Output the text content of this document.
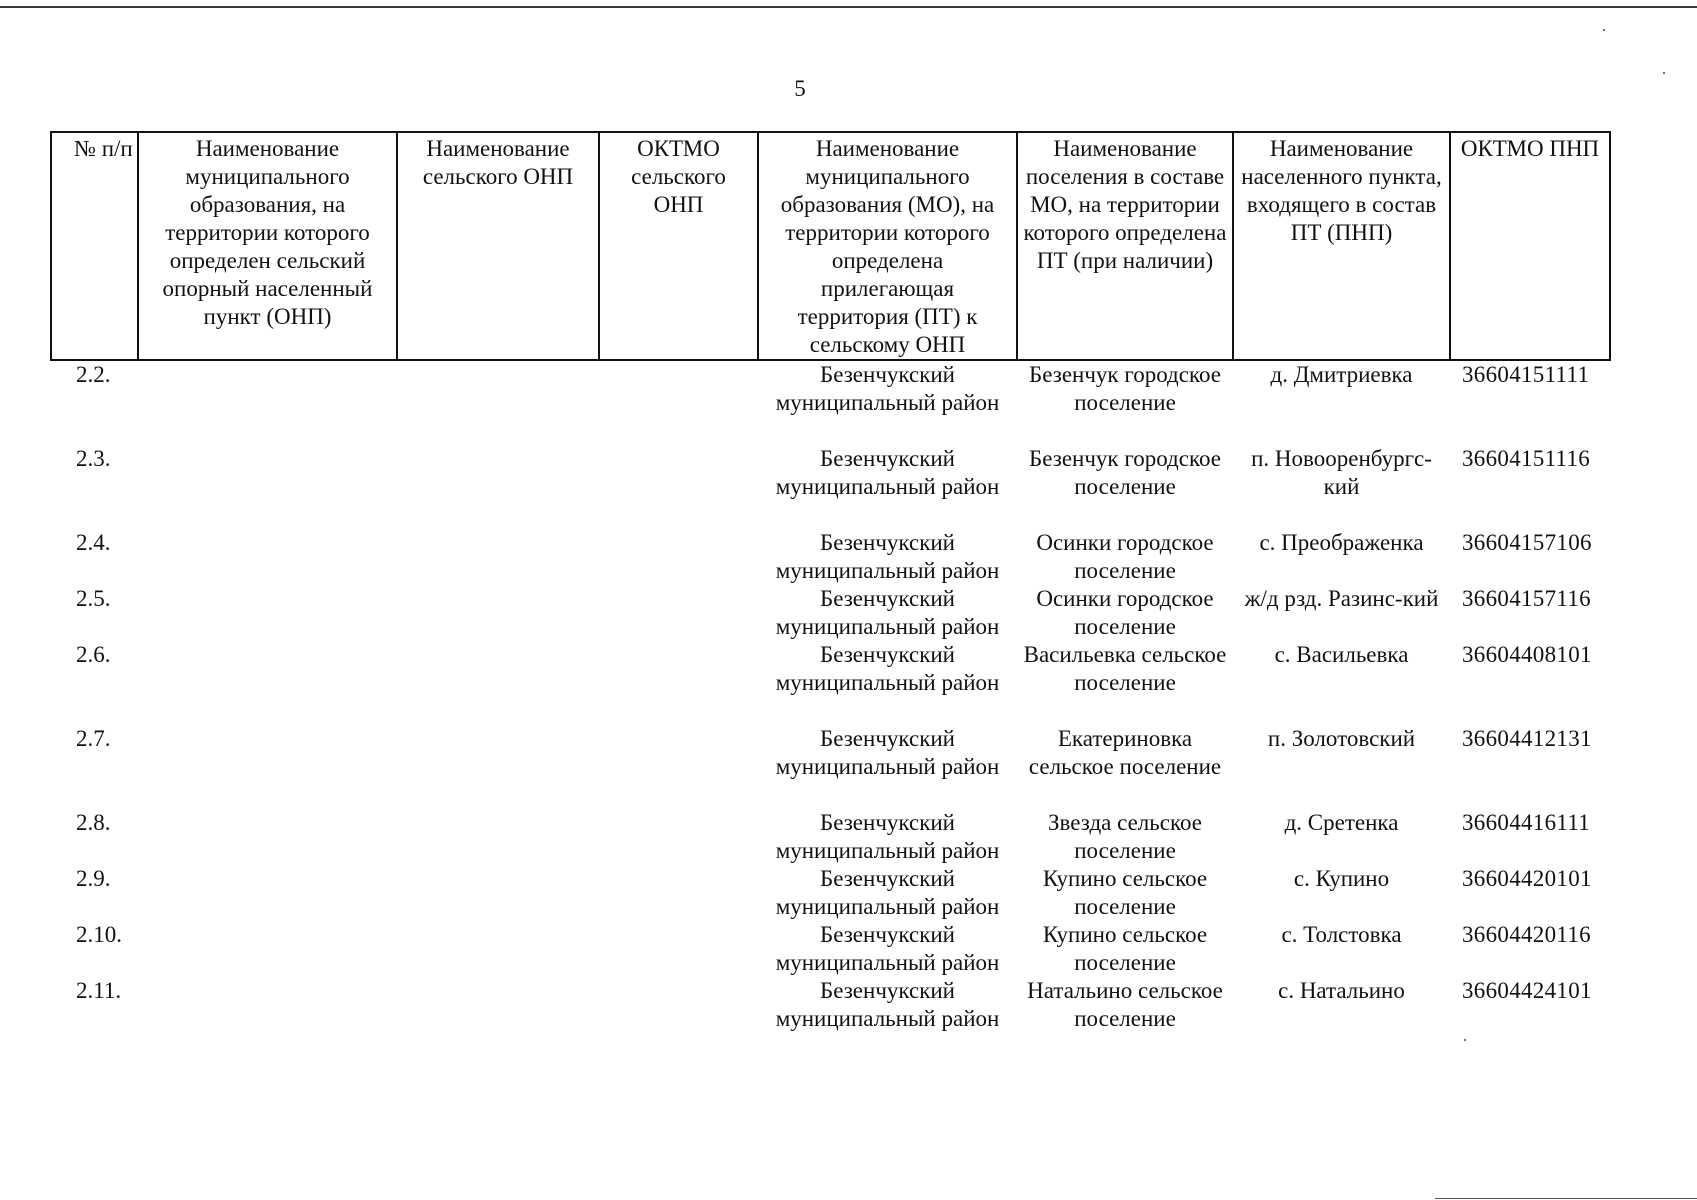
5
№ п/п	Наименование муниципального образования, на территории которого определен сельский опорный населенный пункт (ОНП)	Наименование сельского ОНП	ОКТМО сельского ОНП	Наименование муниципального образования (МО), на территории которого определена прилегающая территория (ПТ) к сельскому ОНП	Наименование поселения в составе МО, на территории которого определена ПТ (при наличии)	Наименование населенного пункта, входящего в состав ПТ (ПНП)	ОКТМО ПНП
2.2.				Безенчукский муниципальный район	Безенчук городское поселение	д. Дмитриевка	36604151111
2.3.				Безенчукский муниципальный район	Безенчук городское поселение	п. Новооренбургс-кий	36604151116
2.4.				Безенчукский муниципальный район	Осинки городское поселение	с. Преображенка	36604157106
2.5.				Безенчукский муниципальный район	Осинки городское поселение	ж/д рзд. Разинс-кий	36604157116
2.6.				Безенчукский муниципальный район	Васильевка сельское поселение	с. Васильевка	36604408101
2.7.				Безенчукский муниципальный район	Екатериновка сельское поселение	п. Золотовский	36604412131
2.8.				Безенчукский муниципальный район	Звезда сельское поселение	д. Сретенка	36604416111
2.9.				Безенчукский муниципальный район	Купино сельское поселение	с. Купино	36604420101
2.10.				Безенчукский муниципальный район	Купино сельское поселение	с. Толстовка	36604420116
2.11.				Безенчукский муниципальный район	Натальино сельское поселение	с. Натальино	36604424101
